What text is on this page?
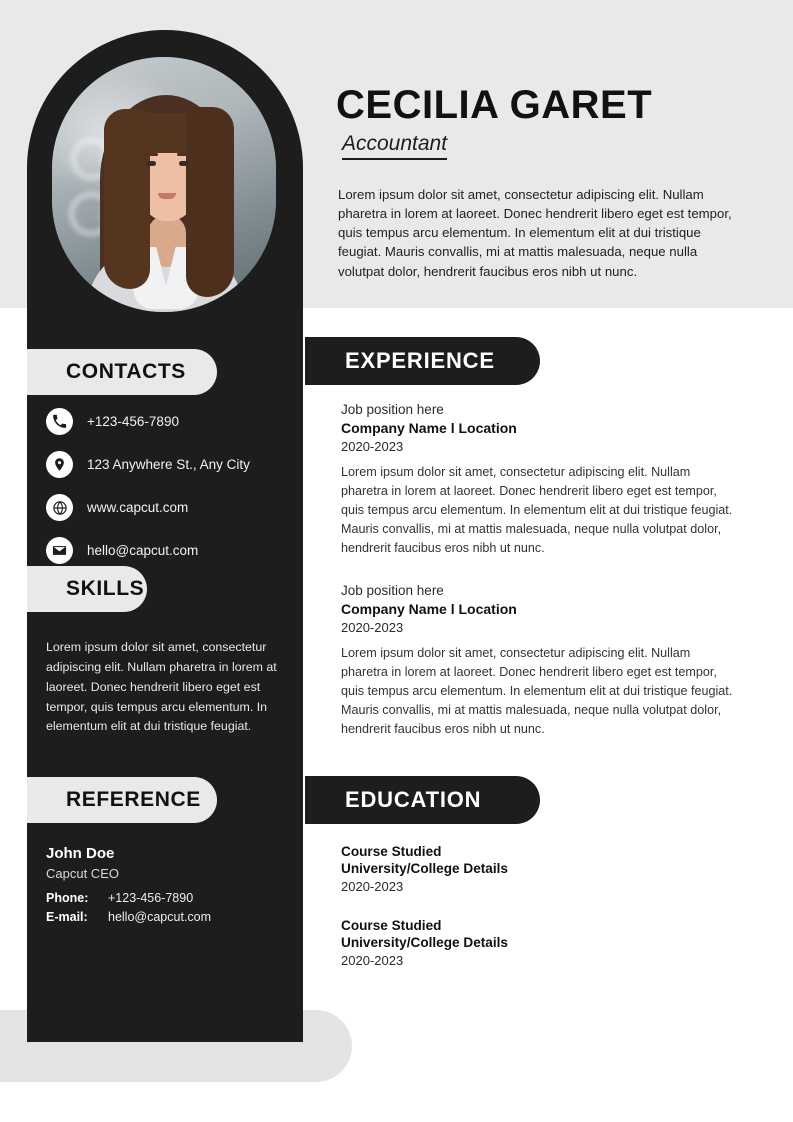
CECILIA GARET
Accountant
Lorem ipsum dolor sit amet, consectetur adipiscing elit. Nullam pharetra in lorem at laoreet. Donec hendrerit libero eget est tempor, quis tempus arcu elementum. In elementum elit at dui tristique feugiat. Mauris convallis, mi at mattis malesuada, neque nulla volutpat dolor, hendrerit faucibus eros nibh ut nunc.
CONTACTS
+123-456-7890
123 Anywhere St., Any City
www.capcut.com
hello@capcut.com
SKILLS
Lorem ipsum dolor sit amet, consectetur adipiscing elit. Nullam pharetra in lorem at laoreet. Donec hendrerit libero eget est tempor, quis tempus arcu elementum. In elementum elit at dui tristique feugiat.
REFERENCE
John Doe
Capcut CEO
Phone:	+123-456-7890
E-mail:	hello@capcut.com
EXPERIENCE
Job position here
Company Name l Location
2020-2023
Lorem ipsum dolor sit amet, consectetur adipiscing elit. Nullam pharetra in lorem at laoreet. Donec hendrerit libero eget est tempor, quis tempus arcu elementum. In elementum elit at dui tristique feugiat. Mauris convallis, mi at mattis malesuada, neque nulla volutpat dolor, hendrerit faucibus eros nibh ut nunc.
Job position here
Company Name l Location
2020-2023
Lorem ipsum dolor sit amet, consectetur adipiscing elit. Nullam pharetra in lorem at laoreet. Donec hendrerit libero eget est tempor, quis tempus arcu elementum. In elementum elit at dui tristique feugiat. Mauris convallis, mi at mattis malesuada, neque nulla volutpat dolor, hendrerit faucibus eros nibh ut nunc.
EDUCATION
Course Studied
University/College Details
2020-2023
Course Studied
University/College Details
2020-2023
